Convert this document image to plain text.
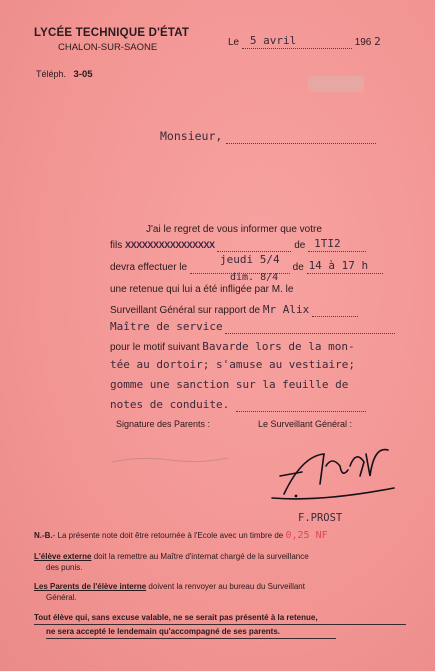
LYCÉE TECHNIQUE D'ÉTAT
CHALON-SUR-SAONE
Téléph. 3-05
Le 5 avril	196 2
Monsieur,
J'ai le regret de vous informer que votre
fils XXXXXXXXXXXXXXXX	de 1TI2

jeudi 5/4
devra effectuer le	de 14 à 17 h

dim. 8/4
une retenue qui lui a été infligée par M. le
Surveillant Général sur rapport de Mr Alix
Maître de service
pour le motif suivant Bavarde lors de la mon-
tée au dortoir; s'amuse au vestiaire;
gomme une sanction sur la feuille de
notes de conduite.
Signature des Parents :	Le Surveillant Général :
F.PROST
N.-B.- La présente note doit être retournée à l'Ecole avec un timbre de 0,25 NF
L'élève externe doit la remettre au Maître d'internat chargé de la surveillance
des punis.
Les Parents de l'élève interne doivent la renvoyer au bureau du Surveillant
Général.
Tout élève qui, sans excuse valable, ne se serait pas présenté à la retenue,
ne sera accepté le lendemain qu'accompagné de ses parents.
